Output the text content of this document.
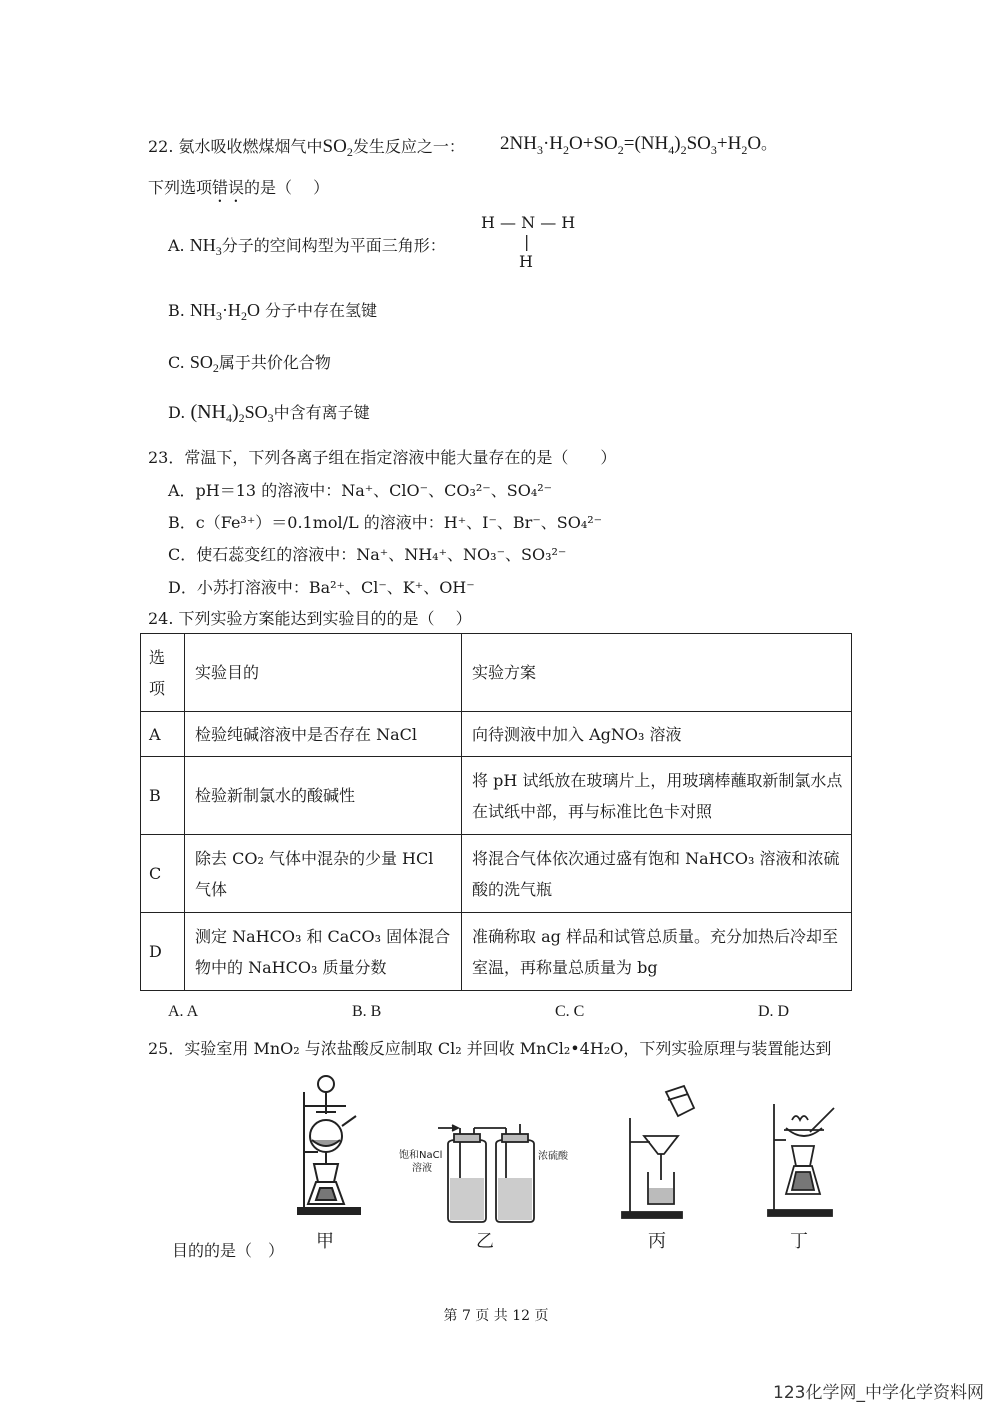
22. 氨水吸收燃煤烟气中$SO_2$发生反应之一： $2NH_3\cdot H_2O+SO_2=(NH_4)_2SO_3+H_2O$。
下列选项错误的是（　 ）
A. $NH_3$分子的空间构型为平面三角形：
H — N — H
|
H
B. $NH_3\cdot H_2O$ 分子中存在氢键
C. $SO_2$属于共价化合物
D. $(NH_4)_2SO_3$中含有离子键
23．常温下，下列各离子组在指定溶液中能大量存在的是（　　）
A．pH＝13 的溶液中：Na⁺、ClO⁻、CO₃²⁻、SO₄²⁻
B．c（Fe³⁺）＝0.1mol/L 的溶液中：H⁺、I⁻、Br⁻、SO₄²⁻
C．使石蕊变红的溶液中：Na⁺、NH₄⁺、NO₃⁻、SO₃²⁻
D．小苏打溶液中：Ba²⁺、Cl⁻、K⁺、OH⁻
24. 下列实验方案能达到实验目的的是（　 ）
选项	实验目的	实验方案
A	检验纯碱溶液中是否存在 NaCl	向待测液中加入 AgNO₃ 溶液
B	检验新制氯水的酸碱性	将 pH 试纸放在玻璃片上，用玻璃棒蘸取新制氯水点在试纸中部，再与标准比色卡对照
C	除去 CO₂ 气体中混杂的少量 HCl 气体	将混合气体依次通过盛有饱和 NaHCO₃ 溶液和浓硫酸的洗气瓶
D	测定 NaHCO₃ 和 CaCO₃ 固体混合物中的 NaHCO₃ 质量分数	准确称取 ag 样品和试管总质量。充分加热后冷却至室温，再称量总质量为 bg
A. A	B. B	C. C	D. D
25．实验室用 MnO₂ 与浓盐酸反应制取 Cl₂ 并回收 MnCl₂•4H₂O，下列实验原理与装置能达到
甲
饱和NaCl
溶液
浓硫酸
乙	丙	丁
目的的是（　）
第 7 页 共 12 页
123化学网_中学化学资料网
